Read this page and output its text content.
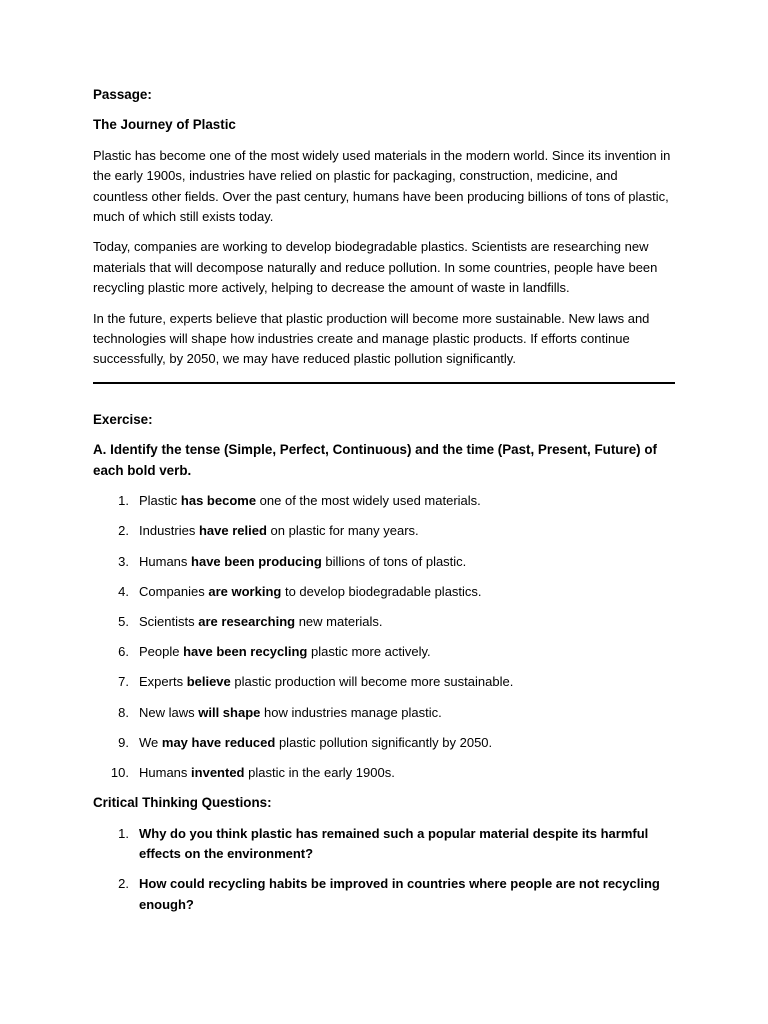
Passage:

The Journey of Plastic

Plastic has become one of the most widely used materials in the modern world. Since its invention in the early 1900s, industries have relied on plastic for packaging, construction, medicine, and countless other fields. Over the past century, humans have been producing billions of tons of plastic, much of which still exists today.

Today, companies are working to develop biodegradable plastics. Scientists are researching new materials that will decompose naturally and reduce pollution. In some countries, people have been recycling plastic more actively, helping to decrease the amount of waste in landfills.

In the future, experts believe that plastic production will become more sustainable. New laws and technologies will shape how industries create and manage plastic products. If efforts continue successfully, by 2050, we may have reduced plastic pollution significantly.

Exercise:

A. Identify the tense (Simple, Perfect, Continuous) and the time (Past, Present, Future) of each bold verb.

1. Plastic has become one of the most widely used materials.
2. Industries have relied on plastic for many years.
3. Humans have been producing billions of tons of plastic.
4. Companies are working to develop biodegradable plastics.
5. Scientists are researching new materials.
6. People have been recycling plastic more actively.
7. Experts believe plastic production will become more sustainable.
8. New laws will shape how industries manage plastic.
9. We may have reduced plastic pollution significantly by 2050.
10. Humans invented plastic in the early 1900s.

Critical Thinking Questions:

1. Why do you think plastic has remained such a popular material despite its harmful effects on the environment?
2. How could recycling habits be improved in countries where people are not recycling enough?
